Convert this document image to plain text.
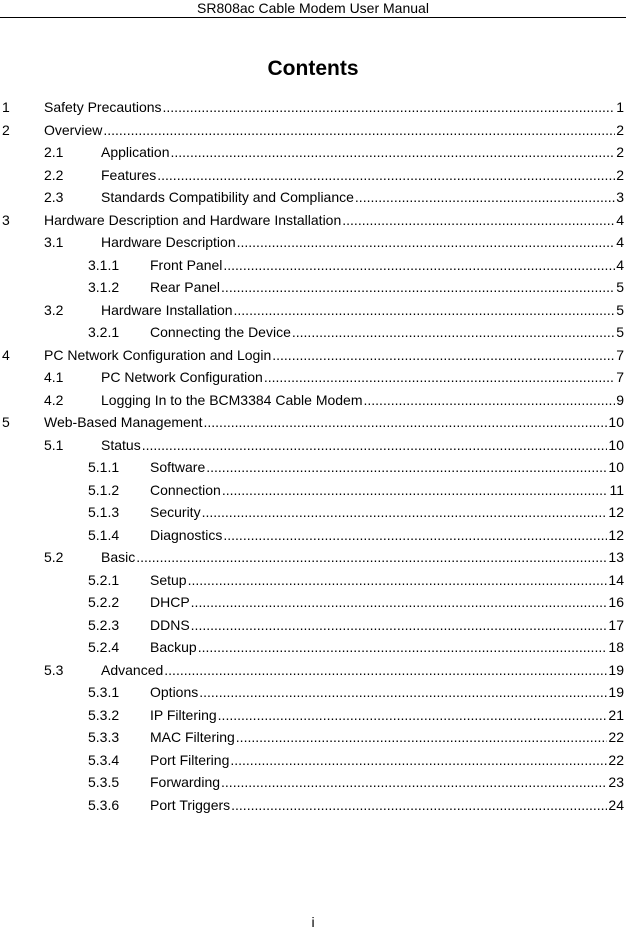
SR808ac Cable Modem User Manual
Contents
1 Safety Precautions .....	1
2 Overview .....	2
2.1	Application .....	2
2.2	Features .....	2
2.3	Standards Compatibility and Compliance .....	3
3 Hardware Description and Hardware Installation .....	4
3.1	Hardware Description .....	4
3.1.1 Front Panel .....	4
3.1.2 Rear Panel .....	5
3.2	Hardware Installation .....	5
3.2.1 Connecting the Device .....	5
4 PC Network Configuration and Login .....	7
4.1	PC Network Configuration .....	7
4.2	Logging In to the BCM3384 Cable Modem .....	9
5 Web-Based Management .....	10
5.1	Status .....	10
5.1.1 Software .....	10
5.1.2 Connection .....	11
5.1.3 Security .....	12
5.1.4 Diagnostics .....	12
5.2	Basic .....	13
5.2.1 Setup .....	14
5.2.2 DHCP .....	16
5.2.3 DDNS .....	17
5.2.4 Backup .....	18
5.3	Advanced .....	19
5.3.1 Options .....	19
5.3.2 IP Filtering .....	21
5.3.3 MAC Filtering .....	22
5.3.4 Port Filtering .....	22
5.3.5 Forwarding .....	23
5.3.6 Port Triggers .....	24
i
